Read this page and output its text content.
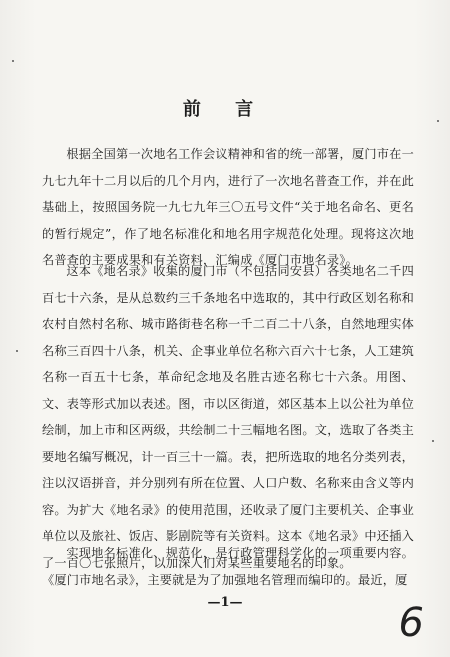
前 言

根据全国第一次地名工作会议精神和省的统一部署，厦门市在一九七九年十二月以后的几个月内，进行了一次地名普查工作，并在此基础上，按照国务院一九七九年三〇五号文件“关于地名命名、更名的暂行规定”，作了地名标准化和地名用字规范化处理。现将这次地名普查的主要成果和有关资料，汇编成《厦门市地名录》。

这本《地名录》收集的厦门市（不包括同安县）各类地名二千四百七十六条，是从总数约三千条地名中选取的，其中行政区划名称和农村自然村名称、城市路街巷名称一千二百二十八条，自然地理实体名称三百四十八条，机关、企事业单位名称六百六十七条，人工建筑名称一百五十七条，革命纪念地及名胜古迹名称七十六条。用图、文、表等形式加以表述。图，市以区街道，郊区基本上以公社为单位绘制，加上市和区两级，共绘制二十三幅地名图。文，选取了各类主要地名编写概况，计一百三十一篇。表，把所选取的地名分类列表，注以汉语拼音，并分别列有所在位置、人口户数、名称来由含义等内容。为扩大《地名录》的使用范围，还收录了厦门主要机关、企事业单位以及旅社、饭店、影剧院等有关资料。这本《地名录》中还插入了一百〇七张照片，以加深人们对某些重要地名的印象。

实现地名标准化、规范化，是行政管理科学化的一项重要内容。《厦门市地名录》，主要就是为了加强地名管理而编印的。最近，厦

—1—	6
